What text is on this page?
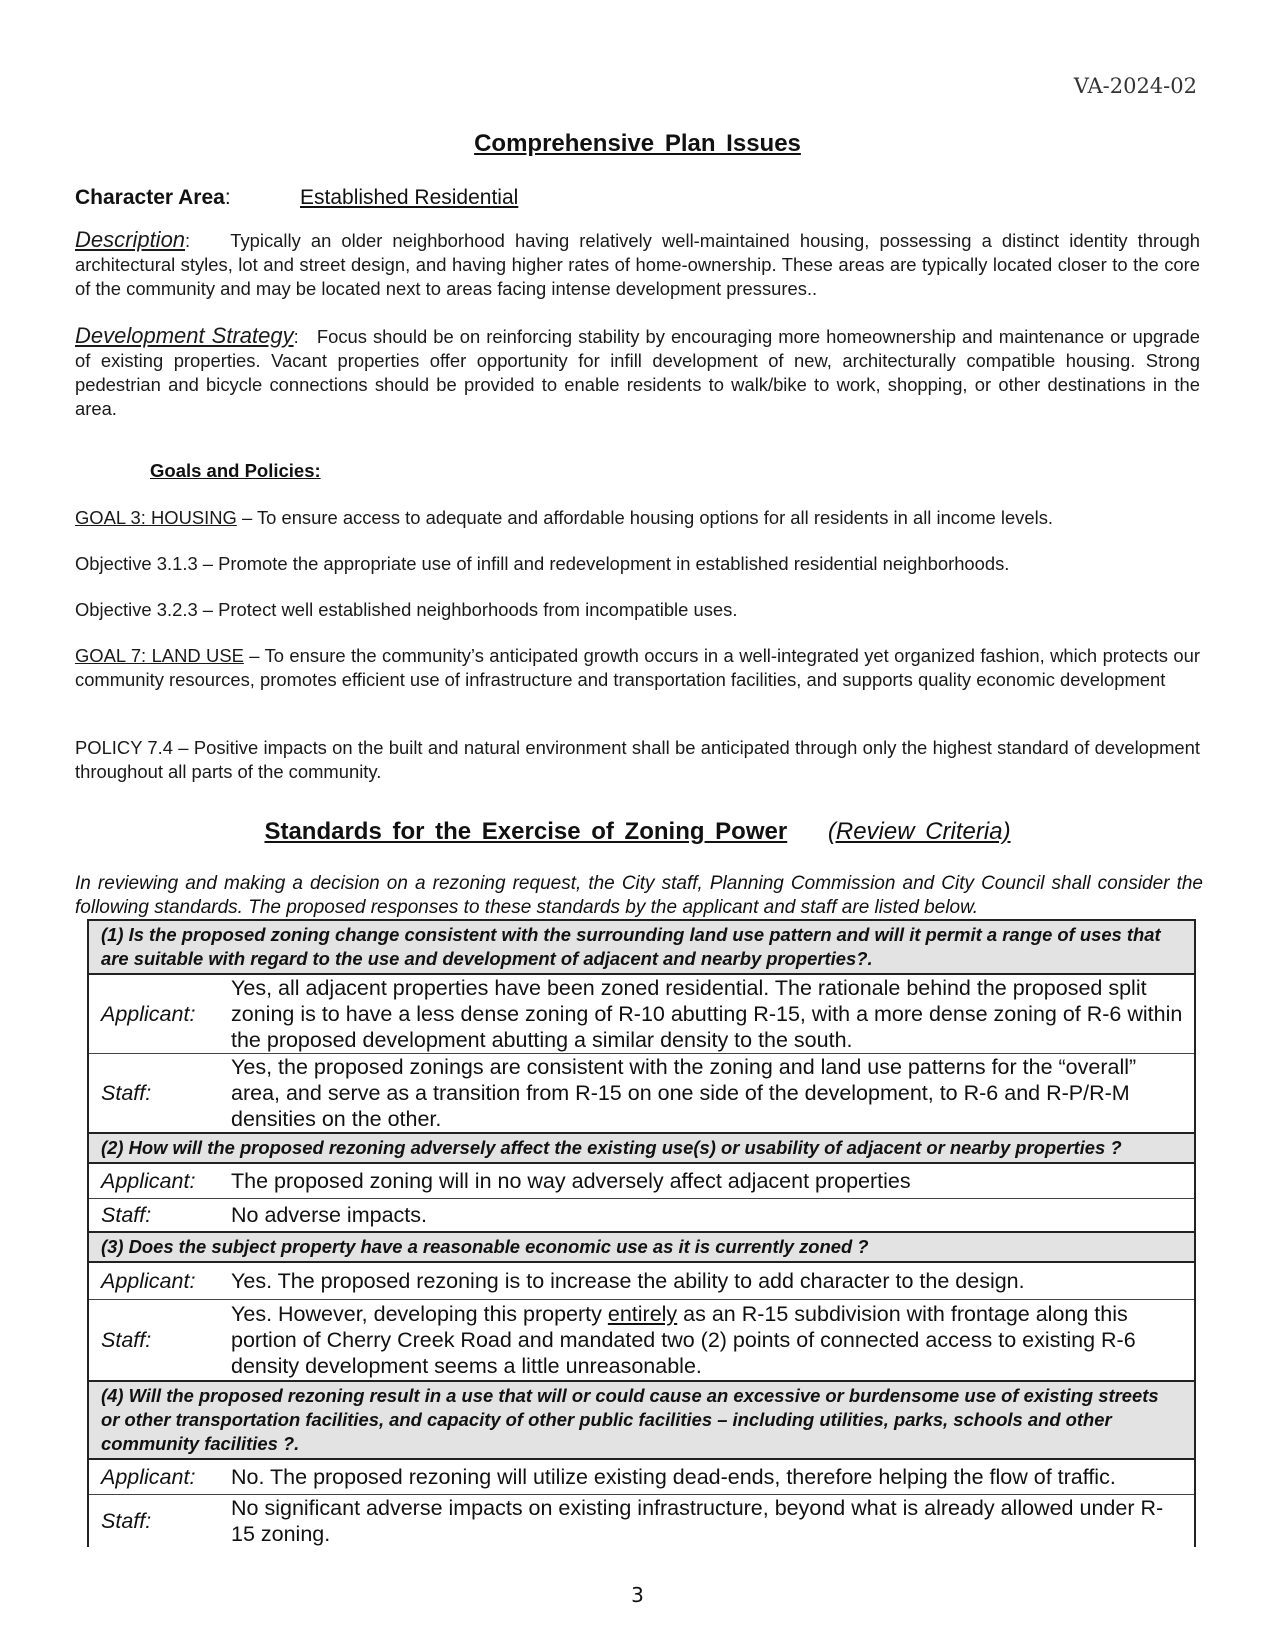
VA-2024-02
Comprehensive Plan Issues
Character Area:	Established Residential
Description:    Typically an older neighborhood having relatively well-maintained housing, possessing a distinct identity through architectural styles, lot and street design, and having higher rates of home-ownership. These areas are typically located closer to the core of the community and may be located next to areas facing intense development pressures..
Development Strategy:   Focus should be on reinforcing stability by encouraging more homeownership and maintenance or upgrade of existing properties. Vacant properties offer opportunity for infill development of new, architecturally compatible housing. Strong pedestrian and bicycle connections should be provided to enable residents to walk/bike to work, shopping, or other destinations in the area.
Goals and Policies:
GOAL 3: HOUSING – To ensure access to adequate and affordable housing options for all residents in all income levels.
Objective 3.1.3 – Promote the appropriate use of infill and redevelopment in established residential neighborhoods.
Objective 3.2.3 – Protect well established neighborhoods from incompatible uses.
GOAL 7: LAND USE – To ensure the community’s anticipated growth occurs in a well-integrated yet organized fashion, which protects our community resources, promotes efficient use of infrastructure and transportation facilities, and supports quality economic development
POLICY 7.4 – Positive impacts on the built and natural environment shall be anticipated through only the highest standard of development throughout all parts of the community.
Standards for the Exercise of Zoning Power (Review Criteria)
In reviewing and making a decision on a rezoning request, the City staff, Planning Commission and City Council shall consider the following standards. The proposed responses to these standards by the applicant and staff are listed below.
(1) Is the proposed zoning change consistent with the surrounding land use pattern and will it permit a range of uses that are suitable with regard to the use and development of adjacent and nearby properties?.
Applicant:
Yes, all adjacent properties have been zoned residential. The rationale behind the proposed split zoning is to have a less dense zoning of R-10 abutting R-15, with a more dense zoning of R-6 within the proposed development abutting a similar density to the south.
Staff:
Yes, the proposed zonings are consistent with the zoning and land use patterns for the “overall” area, and serve as a transition from R-15 on one side of the development, to R-6 and R-P/R-M densities on the other.
(2) How will the proposed rezoning adversely affect the existing use(s) or usability of adjacent or nearby properties ?
Applicant:	The proposed zoning will in no way adversely affect adjacent properties
Staff:	No adverse impacts.
(3) Does the subject property have a reasonable economic use as it is currently zoned ?
Applicant:	Yes. The proposed rezoning is to increase the ability to add character to the design.
Staff:
Yes. However, developing this property entirely as an R-15 subdivision with frontage along this portion of Cherry Creek Road and mandated two (2) points of connected access to existing R-6 density development seems a little unreasonable.
(4) Will the proposed rezoning result in a use that will or could cause an excessive or burdensome use of existing streets or other transportation facilities, and capacity of other public facilities – including utilities, parks, schools and other community facilities ?.
Applicant:	No. The proposed rezoning will utilize existing dead-ends, therefore helping the flow of traffic.
Staff:
No significant adverse impacts on existing infrastructure, beyond what is already allowed under R-15 zoning.
3
